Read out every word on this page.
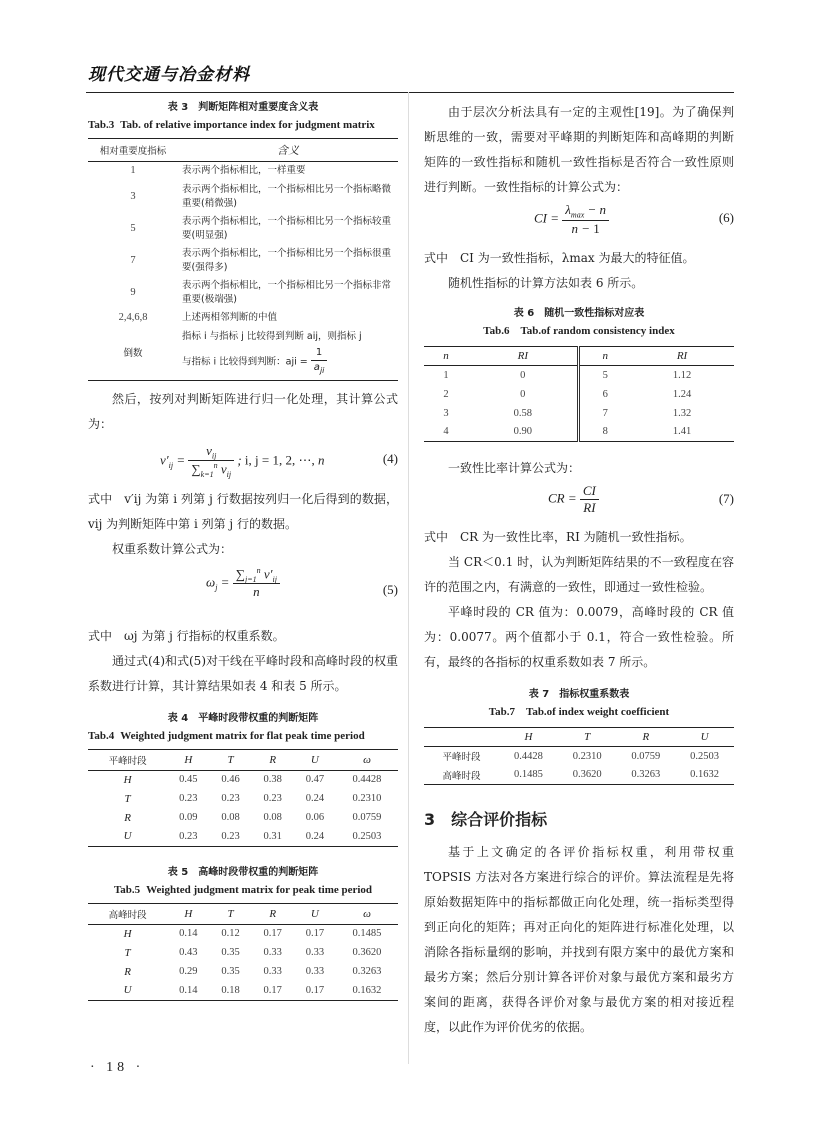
现代交通与冶金材料
表 3　判断矩阵相对重要度含义表
Tab.3 Tab. of relative importance index for judgment matrix
相对重要度指标	含义
1	表示两个指标相比，一样重要
3	表示两个指标相比，一个指标相比另一个指标略微重要(稍微强)
5	表示两个指标相比，一个指标相比另一个指标较重要(明显强)
7	表示两个指标相比，一个指标相比另一个指标很重要(强得多)
9	表示两个指标相比，一个指标相比另一个指标非常重要(极端强)
2,4,6,8	上述两相邻判断的中值
倒数	指标 i 与指标 j 比较得到判断 aij，则指标 j
与指标 i 比较得到判断：aji = $\frac{1}{a_{ji}}$
然后，按列对判断矩阵进行归一化处理，其计算公式为：
$v'_{ij} = \frac{v_{ij}}{\sum_{k=1}^n v_{ij}}$ ; i, j = 1, 2, ⋯, n	(4)
式中　v′ij 为第 i 列第 j 行数据按列归一化后得到的数据，vij 为判断矩阵中第 i 列第 j 行的数据。
权重系数计算公式为：
$\omega_j = \frac{\sum_{j=1}^n v'_{ij}}{n}$	(5)
式中　ωj 为第 j 行指标的权重系数。
通过式(4)和式(5)对干线在平峰时段和高峰时段的权重系数进行计算，其计算结果如表 4 和表 5 所示。
表 4　平峰时段带权重的判断矩阵
Tab.4 Weighted judgment matrix for flat peak time period
平峰时段	H	T	R	U	ω
H	0.45	0.46	0.38	0.47	0.4428
T	0.23	0.23	0.23	0.24	0.2310
R	0.09	0.08	0.08	0.06	0.0759
U	0.23	0.23	0.31	0.24	0.2503
表 5　高峰时段带权重的判断矩阵
Tab.5 Weighted judgment matrix for peak time period
高峰时段	H	T	R	U	ω
H	0.14	0.12	0.17	0.17	0.1485
T	0.43	0.35	0.33	0.33	0.3620
R	0.29	0.35	0.33	0.33	0.3263
U	0.14	0.18	0.17	0.17	0.1632
由于层次分析法具有一定的主观性[19]。为了确保判断思维的一致，需要对平峰期的判断矩阵和高峰期的判断矩阵的一致性指标和随机一致性指标是否符合一致性原则进行判断。一致性指标的计算公式为：
CI = $\frac{\lambda_{max} - n}{n - 1}$	(6)
式中　CI 为一致性指标，λmax 为最大的特征值。
随机性指标的计算方法如表 6 所示。
表 6　随机一致性指标对应表
Tab.6　Tab.of random consistency index
n	RI	n	RI
1	0	5	1.12
2	0	6	1.24
3	0.58	7	1.32
4	0.90	8	1.41
一致性比率计算公式为：
CR = $\frac{CI}{RI}$	(7)
式中　CR 为一致性比率，RI 为随机一致性指标。
当 CR＜0.1 时，认为判断矩阵结果的不一致程度在容许的范围之内，有满意的一致性，即通过一致性检验。
平峰时段的 CR 值为：0.0079，高峰时段的 CR 值为：0.0077。两个值都小于 0.1，符合一致性检验。所有，最终的各指标的权重系数如表 7 所示。
表 7　指标权重系数表
Tab.7　Tab.of index weight coefficient
	H	T	R	U
平峰时段	0.4428	0.2310	0.0759	0.2503
高峰时段	0.1485	0.3620	0.3263	0.1632
3　综合评价指标
基于上文确定的各评价指标权重，利用带权重 TOPSIS 方法对各方案进行综合的评价。算法流程是先将原始数据矩阵中的指标都做正向化处理，统一指标类型得到正向化的矩阵；再对正向化的矩阵进行标准化处理，以消除各指标量纲的影响，并找到有限方案中的最优方案和最劣方案；然后分别计算各评价对象与最优方案和最劣方案间的距离，获得各评价对象与最优方案的相对接近程度，以此作为评价优劣的依据。
· 18 ·
